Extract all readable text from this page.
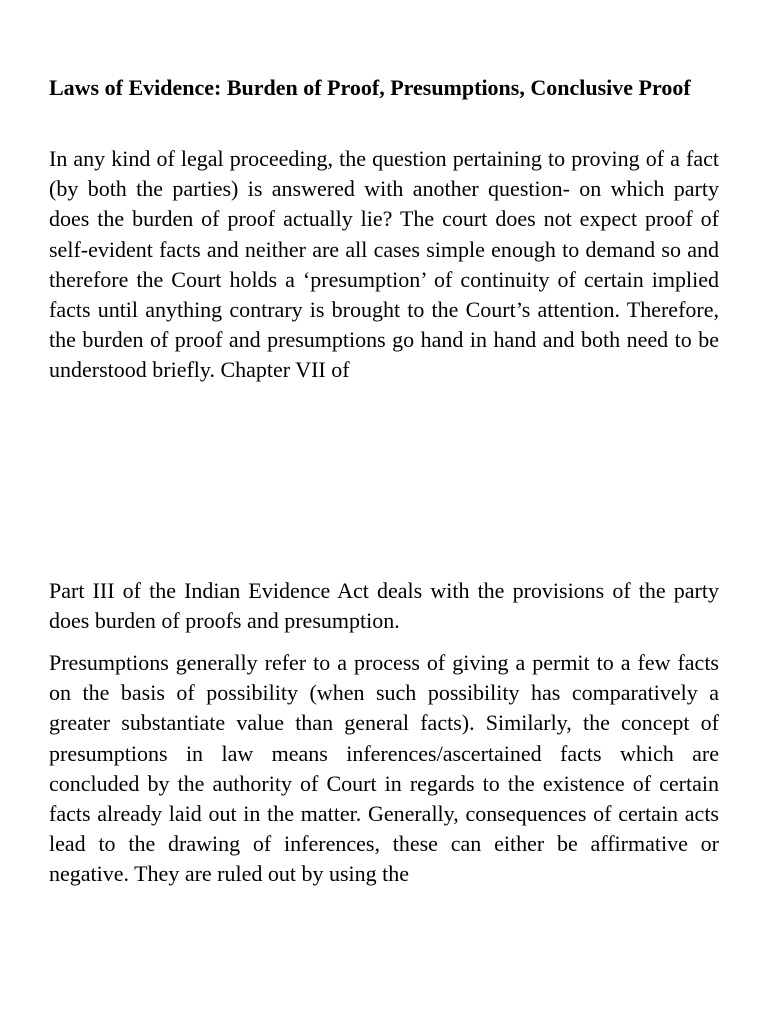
Laws of Evidence: Burden of Proof, Presumptions, Conclusive Proof

In any kind of legal proceeding, the question pertaining to proving of a fact (by both the parties) is answered with another question- on which party does the burden of proof actually lie? The court does not expect proof of self-evident facts and neither are all cases simple enough to demand so and therefore the Court holds a ‘presumption’ of continuity of certain implied facts until anything contrary is brought to the Court’s attention. Therefore, the burden of proof and presumptions go hand in hand and both need to be understood briefly. Chapter VII of

Part III of the Indian Evidence Act deals with the provisions of the party does burden of proofs and presumption.

Presumptions generally refer to a process of giving a permit to a few facts on the basis of possibility (when such possibility has comparatively a greater substantiate value than general facts). Similarly, the concept of presumptions in law means inferences/ascertained facts which are concluded by the authority of Court in regards to the existence of certain facts already laid out in the matter. Generally, consequences of certain acts lead to the drawing of inferences, these can either be affirmative or negative. They are ruled out by using the
